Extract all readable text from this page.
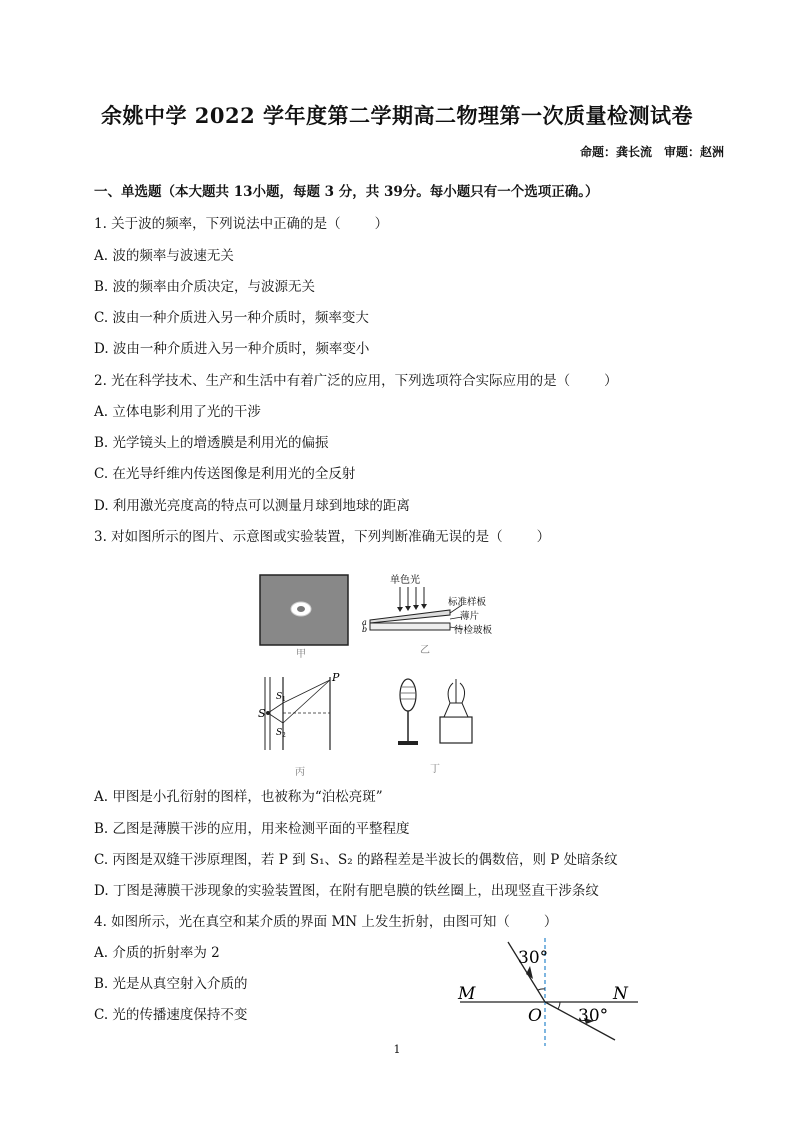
余姚中学 2022 学年度第二学期高二物理第一次质量检测试卷
命题：龚长流　审题：赵洲
一、单选题（本大题共 13小题，每题 3 分，共 39分。每小题只有一个选项正确。）
1. 关于波的频率，下列说法中正确的是（	）
A. 波的频率与波速无关
B. 波的频率由介质决定，与波源无关
C. 波由一种介质进入另一种介质时，频率变大
D. 波由一种介质进入另一种介质时，频率变小
2. 光在科学技术、生产和生活中有着广泛的应用，下列选项符合实际应用的是（	）
A. 立体电影利用了光的干涉
B. 光学镜头上的增透膜是利用光的偏振
C. 在光导纤维内传送图像是利用光的全反射
D. 利用激光亮度高的特点可以测量月球到地球的距离
3. 对如图所示的图片、示意图或实验装置，下列判断准确无误的是（	）
甲
单色光
标准样板
薄片
待检玻板
a
b
乙
P
S
S 1
S 2
丙	丁
A. 甲图是小孔衍射的图样，也被称为“泊松亮斑”
B. 乙图是薄膜干涉的应用，用来检测平面的平整程度
C. 丙图是双缝干涉原理图，若 P 到 S₁、S₂ 的路程差是半波长的偶数倍，则 P 处暗条纹
D. 丁图是薄膜干涉现象的实验装置图，在附有肥皂膜的铁丝圈上，出现竖直干涉条纹
4. 如图所示，光在真空和某介质的界面 MN 上发生折射，由图可知（	）
A. 介质的折射率为 2
B. 光是从真空射入介质的
C. 光的传播速度保持不变
30°
30°
M	N
O
1
